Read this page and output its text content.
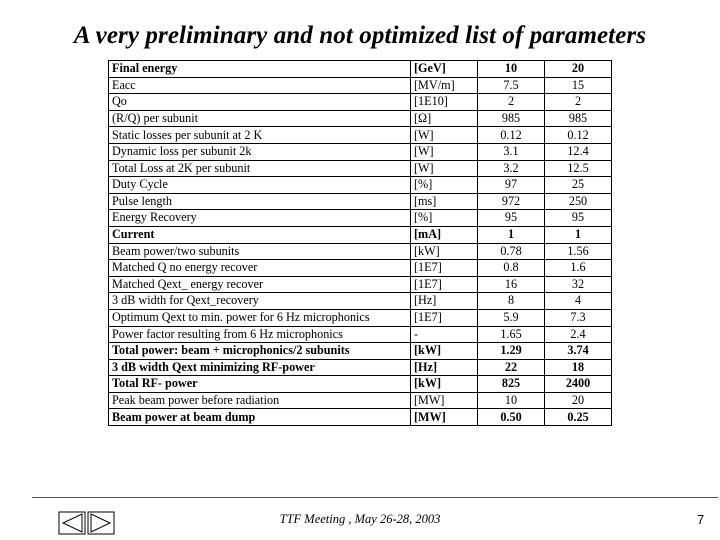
A very preliminary and not optimized list of parameters
Final energy	[GeV]	10	20
Eacc	[MV/m]	7.5	15
Qo	[1E10]	2	2
(R/Q) per subunit	[Ω]	985	985
Static losses per subunit at 2 K	[W]	0.12	0.12
Dynamic loss per subunit 2k	[W]	3.1	12.4
Total Loss at 2K per subunit	[W]	3.2	12.5
Duty Cycle	[%]	97	25
Pulse length	[ms]	972	250
Energy Recovery	[%]	95	95
Current	[mA]	1	1
Beam power/two subunits	[kW]	0.78	1.56
Matched Q no energy recover	[1E7]	0.8	1.6
Matched Qext_ energy recover	[1E7]	16	32
3 dB width for Qext_recovery	[Hz]	8	4
Optimum Qext to min. power for 6 Hz microphonics	[1E7]	5.9	7.3
Power factor resulting from 6 Hz microphonics	-	1.65	2.4
Total power: beam + microphonics/2 subunits	[kW]	1.29	3.74
3 dB width Qext minimizing RF-power	[Hz]	22	18
Total RF- power	[kW]	825	2400
Peak beam power before radiation	[MW]	10	20
Beam power at beam dump	[MW]	0.50	0.25
TTF Meeting , May 26-28, 2003	7
